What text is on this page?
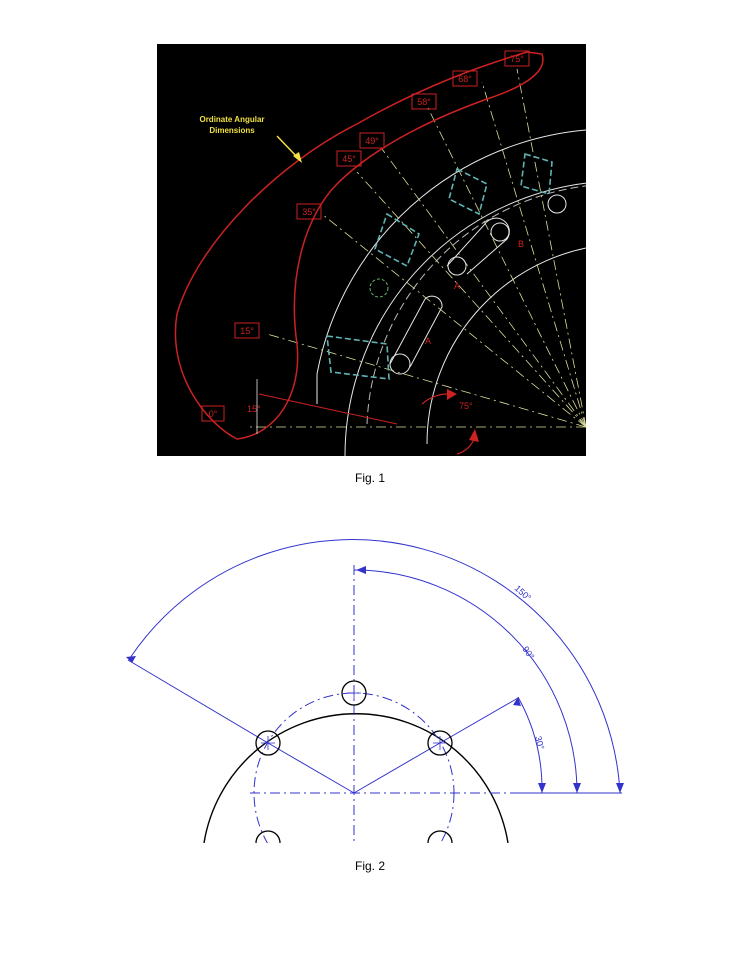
Ordinate Angular
Dimensions
0°
15°
35°
45°
49°
58°
68°
75°
15°	75°
A
A
B
Fig. 1
150°
90°
30°
Fig. 2
